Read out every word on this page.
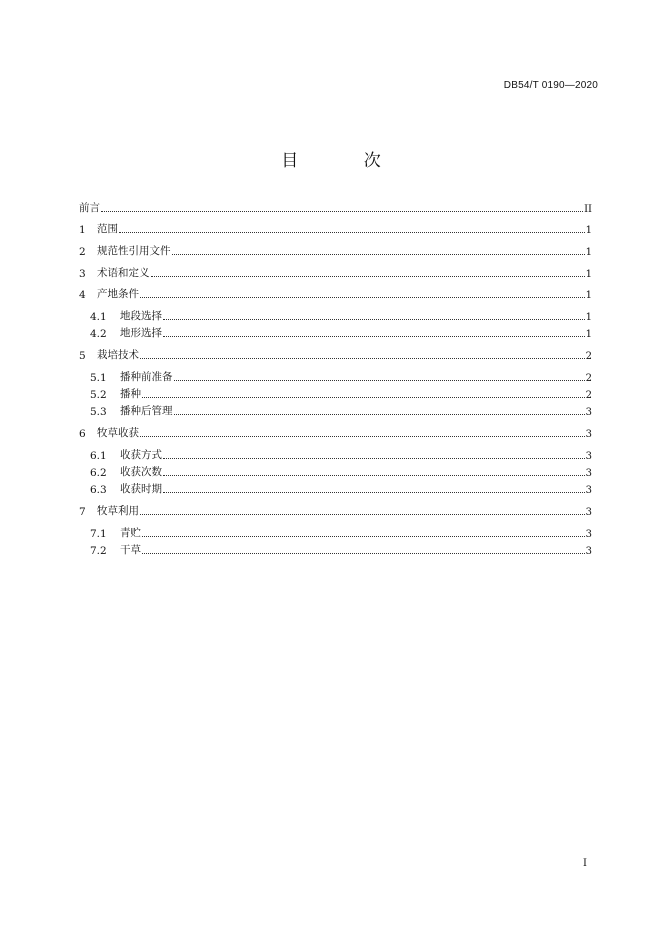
DB54/T 0190—2020
目 次
前言	II
1	范围	1
2	规范性引用文件	1
3	术语和定义	1
4	产地条件	1
4.1	地段选择	1
4.2	地形选择	1
5	栽培技术	2
5.1	播种前准备	2
5.2	播种	2
5.3	播种后管理	3
6	牧草收获	3
6.1	收获方式	3
6.2	收获次数	3
6.3	收获时期	3
7	牧草利用	3
7.1	青贮	3
7.2	干草	3
I
